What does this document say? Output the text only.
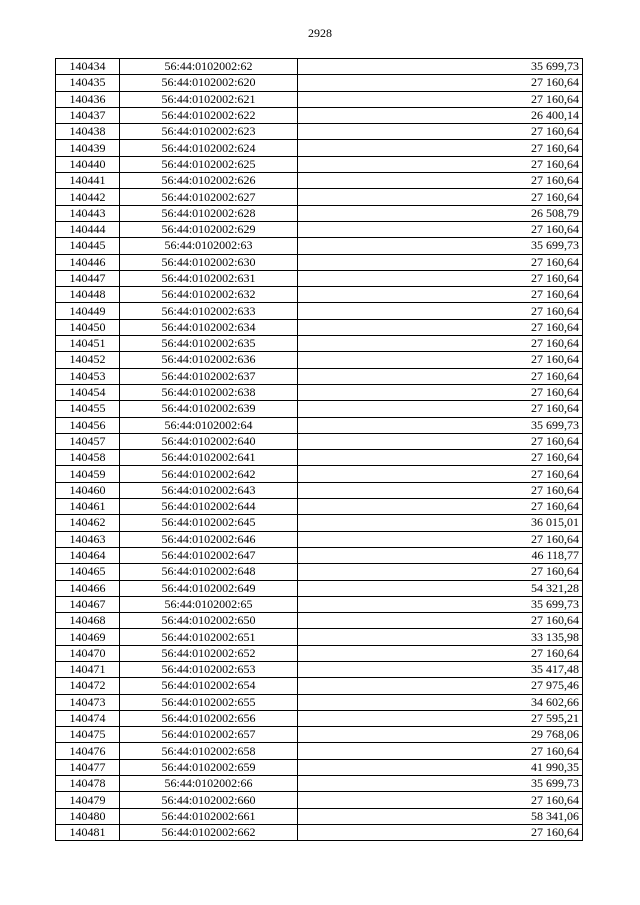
2928
140434	56:44:0102002:62	35 699,73
140435	56:44:0102002:620	27 160,64
140436	56:44:0102002:621	27 160,64
140437	56:44:0102002:622	26 400,14
140438	56:44:0102002:623	27 160,64
140439	56:44:0102002:624	27 160,64
140440	56:44:0102002:625	27 160,64
140441	56:44:0102002:626	27 160,64
140442	56:44:0102002:627	27 160,64
140443	56:44:0102002:628	26 508,79
140444	56:44:0102002:629	27 160,64
140445	56:44:0102002:63	35 699,73
140446	56:44:0102002:630	27 160,64
140447	56:44:0102002:631	27 160,64
140448	56:44:0102002:632	27 160,64
140449	56:44:0102002:633	27 160,64
140450	56:44:0102002:634	27 160,64
140451	56:44:0102002:635	27 160,64
140452	56:44:0102002:636	27 160,64
140453	56:44:0102002:637	27 160,64
140454	56:44:0102002:638	27 160,64
140455	56:44:0102002:639	27 160,64
140456	56:44:0102002:64	35 699,73
140457	56:44:0102002:640	27 160,64
140458	56:44:0102002:641	27 160,64
140459	56:44:0102002:642	27 160,64
140460	56:44:0102002:643	27 160,64
140461	56:44:0102002:644	27 160,64
140462	56:44:0102002:645	36 015,01
140463	56:44:0102002:646	27 160,64
140464	56:44:0102002:647	46 118,77
140465	56:44:0102002:648	27 160,64
140466	56:44:0102002:649	54 321,28
140467	56:44:0102002:65	35 699,73
140468	56:44:0102002:650	27 160,64
140469	56:44:0102002:651	33 135,98
140470	56:44:0102002:652	27 160,64
140471	56:44:0102002:653	35 417,48
140472	56:44:0102002:654	27 975,46
140473	56:44:0102002:655	34 602,66
140474	56:44:0102002:656	27 595,21
140475	56:44:0102002:657	29 768,06
140476	56:44:0102002:658	27 160,64
140477	56:44:0102002:659	41 990,35
140478	56:44:0102002:66	35 699,73
140479	56:44:0102002:660	27 160,64
140480	56:44:0102002:661	58 341,06
140481	56:44:0102002:662	27 160,64
